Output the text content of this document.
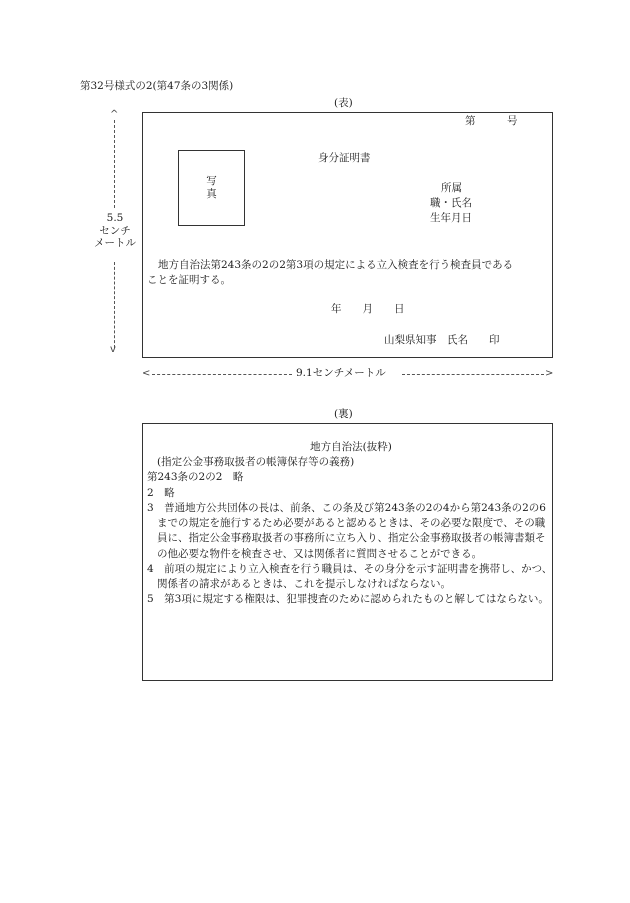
第32号様式の2(第47条の3関係)
(表)
第　　　号
写
真
身分証明書
所属
職・氏名
生年月日
地方自治法第243条の2の2第3項の規定による立入検査を行う検査員である
ことを証明する。
年　　月　　日
山梨県知事　氏名　　印
^
5.5
センチ
メートル
v
<	9.1センチメートル	>
(裏)

地方自治法(抜粋)

(指定公金事務取扱者の帳簿保存等の義務)

第243条の2の2　略

2　略

3　普通地方公共団体の長は、前条、この条及び第243条の2の4から第243条の2の6までの規定を施行するため必要があると認めるときは、その必要な限度で、その職員に、指定公金事務取扱者の事務所に立ち入り、指定公金事務取扱者の帳簿書類その他必要な物件を検査させ、又は関係者に質問させることができる。

4　前項の規定により立入検査を行う職員は、その身分を示す証明書を携帯し、かつ、関係者の請求があるときは、これを提示しなければならない。

5　第3項に規定する権限は、犯罪捜査のために認められたものと解してはならない。
